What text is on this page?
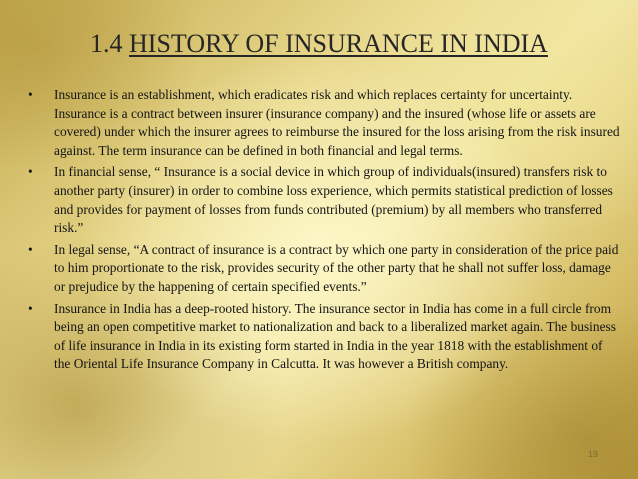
1.4 HISTORY OF INSURANCE IN INDIA
• Insurance is an establishment, which eradicates risk and which replaces certainty for uncertainty. Insurance is a contract between insurer (insurance company) and the insured (whose life or assets are covered) under which the insurer agrees to reimburse the insured for the loss arising from the risk insured against. The term insurance can be defined in both financial and legal terms.
• In financial sense, “ Insurance is a social device in which group of individuals(insured) transfers risk to another party (insurer) in order to combine loss experience, which permits statistical prediction of losses and provides for payment of losses from funds contributed (premium) by all members who transferred risk.”
• In legal sense, “A contract of insurance is a contract by which one party in consideration of the price paid to him proportionate to the risk, provides security of the other party that he shall not suffer loss, damage or prejudice by the happening of certain specified events.”
• Insurance in India has a deep-rooted history. The insurance sector in India has come in a full circle from being an open competitive market to nationalization and back to a liberalized market again. The business of life insurance in India in its existing form started in India in the year 1818 with the establishment of the Oriental Life Insurance Company in Calcutta. It was however a British company.
19
